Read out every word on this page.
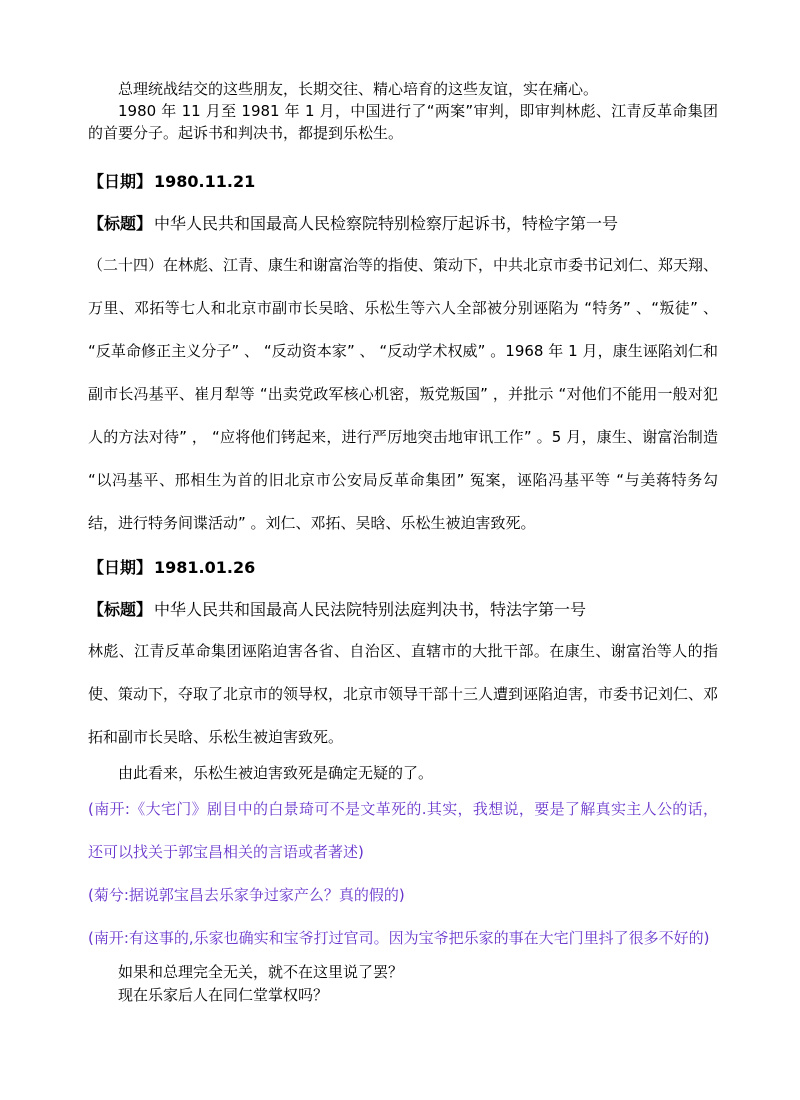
总理统战结交的这些朋友，长期交往、精心培育的这些友谊，实在痛心。

1980 年 11 月至 1981 年 1 月，中国进行了“两案”审判，即审判林彪、江青反革命集团的首要分子。起诉书和判决书，都提到乐松生。

【日期】 1980.11.21

【标题】 中华人民共和国最高人民检察院特别检察厅起诉书，特检字第一号

（二十四）在林彪、江青、康生和谢富治等的指使、策动下，中共北京市委书记刘仁、郑天翔、万里、邓拓等七人和北京市副市长吴晗、乐松生等六人全部被分别诬陷为 “特务” 、“叛徒” 、 “反革命修正主义分子” 、 “反动资本家” 、 “反动学术权威” 。1968 年 1 月，康生诬陷刘仁和副市长冯基平、崔月犁等 “出卖党政军核心机密，叛党叛国” ，并批示 “对他们不能用一般对犯人的方法对待” ， “应将他们铐起来，进行严厉地突击地审讯工作” 。5 月，康生、谢富治制造 “以冯基平、邢相生为首的旧北京市公安局反革命集团” 冤案，诬陷冯基平等 “与美蒋特务勾结，进行特务间谍活动” 。刘仁、邓拓、吴晗、乐松生被迫害致死。

【日期】 1981.01.26

【标题】 中华人民共和国最高人民法院特别法庭判决书，特法字第一号

林彪、江青反革命集团诬陷迫害各省、自治区、直辖市的大批干部。在康生、谢富治等人的指使、策动下，夺取了北京市的领导权，北京市领导干部十三人遭到诬陷迫害，市委书记刘仁、邓拓和副市长吴晗、乐松生被迫害致死。

由此看来，乐松生被迫害致死是确定无疑的了。

(南开:《大宅门》剧目中的白景琦可不是文革死的.其实，我想说，要是了解真实主人公的话，还可以找关于郭宝昌相关的言语或者著述)

(菊兮:据说郭宝昌去乐家争过家产么？真的假的)

(南开:有这事的,乐家也确实和宝爷打过官司。因为宝爷把乐家的事在大宅门里抖了很多不好的)

如果和总理完全无关，就不在这里说了罢？

现在乐家后人在同仁堂掌权吗？
